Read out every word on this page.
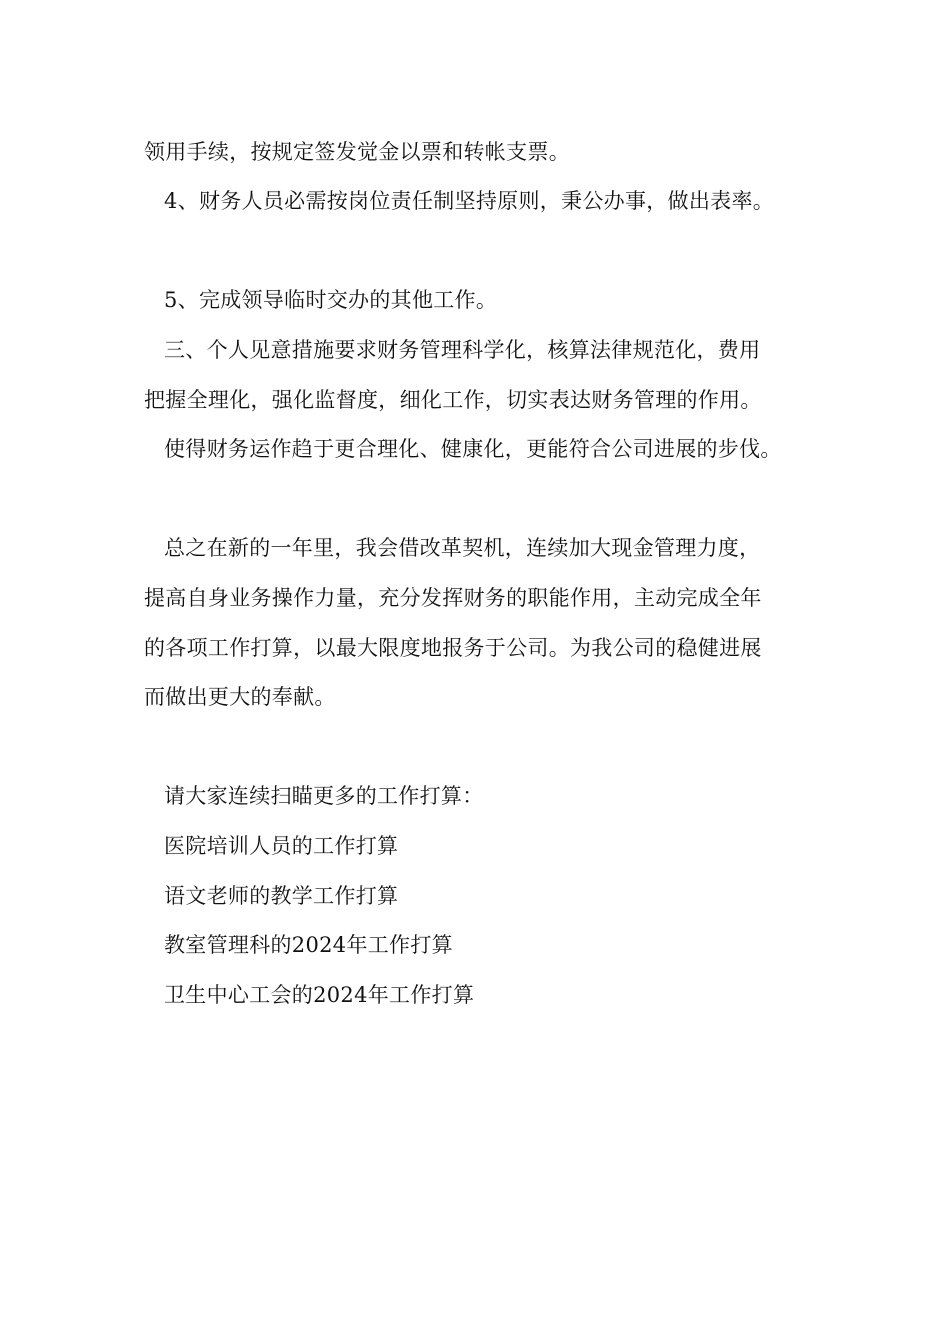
领用手续，按规定签发觉金以票和转帐支票。

4、财务人员必需按岗位责任制坚持原则，秉公办事，做出表率。

5、完成领导临时交办的其他工作。

三、个人见意措施要求财务管理科学化，核算法律规范化，费用

把握全理化，强化监督度，细化工作，切实表达财务管理的作用。

使得财务运作趋于更合理化、健康化，更能符合公司进展的步伐。

总之在新的一年里，我会借改革契机，连续加大现金管理力度，

提高自身业务操作力量，充分发挥财务的职能作用，主动完成全年

的各项工作打算，以最大限度地报务于公司。为我公司的稳健进展

而做出更大的奉献。

请大家连续扫瞄更多的工作打算：

医院培训人员的工作打算

语文老师的教学工作打算

教室管理科的2024年工作打算

卫生中心工会的2024年工作打算
